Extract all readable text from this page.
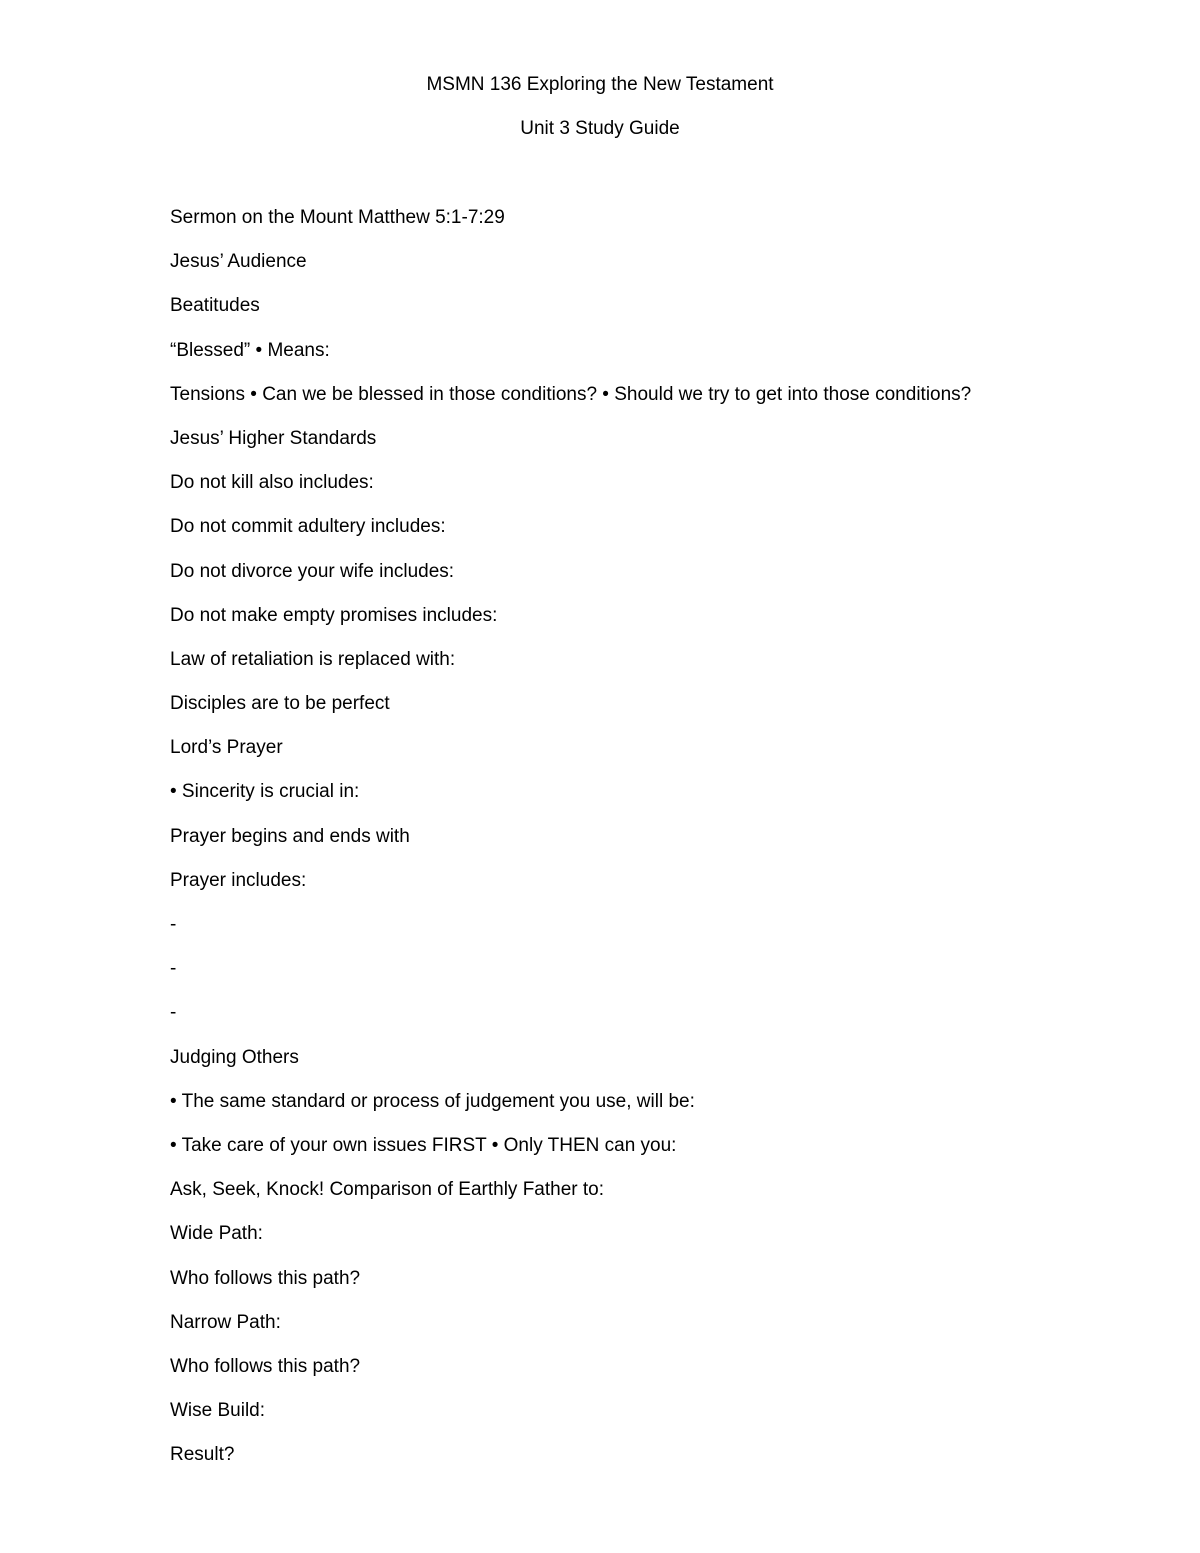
MSMN 136 Exploring the New Testament
Unit 3 Study Guide
Sermon on the Mount Matthew 5:1-7:29
Jesus’ Audience
Beatitudes
“Blessed” • Means:
Tensions • Can we be blessed in those conditions? • Should we try to get into those conditions?
Jesus’ Higher Standards
Do not kill also includes:
Do not commit adultery includes:
Do not divorce your wife includes:
Do not make empty promises includes:
Law of retaliation is replaced with:
Disciples are to be perfect
Lord’s Prayer
• Sincerity is crucial in:
Prayer begins and ends with
Prayer includes:
-
-
-
Judging Others
• The same standard or process of judgement you use, will be:
• Take care of your own issues FIRST • Only THEN can you:
Ask, Seek, Knock! Comparison of Earthly Father to:
Wide Path:
Who follows this path?
Narrow Path:
Who follows this path?
Wise Build:
Result?
